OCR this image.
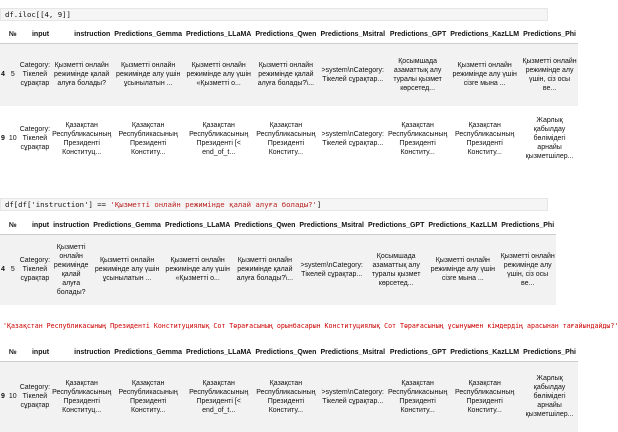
df.iloc[[4, 9]]
	№	input	instruction	Predictions_Gemma	Predictions_LLaMA	Predictions_Qwen	Predictions_Msitral	Predictions_GPT	Predictions_KazLLM	Predictions_Phi
4	5	Category: Тікелей сұрақтар	Қызметті онлайн режимінде қалай алуға болады?	Қызметті онлайн режимінде алу үшін ұсынылатын ...	Қызметті онлайн режимінде алу үшін «Қызметті о...	Қызметті онлайн режимінде қалай алуға болады?\...	>system\nCategory: Тікелей сұрақтар...	Қосымшада азаматтық алу туралы қызмет көрсетед...	Қызметті онлайн режимінде алу үшін сізге мына ...	Қызметті онлайн режимінде алу үшін, сіз осы ве...
9	10	Category: Тікелей сұрақтар	Қазақстан Республикасының Президенті Конституц...	Қазақстан Республикасының Президенті Конститу...	Қазақстан Республикасының Президенті [< end_of_t...	Қазақстан Республикасының Президенті Конститу...	>system\nCategory: Тікелей сұрақтар...	Қазақстан Республикасының Президенті Конститу...	Қазақстан Республикасының Президенті Конститу...	Жарлық қабылдау бөлімідегі арнайы қызметшілер...
df[df['instruction'] == 'Қызметті онлайн режимінде қалай алуға болады?']
	№	input	instruction	Predictions_Gemma	Predictions_LLaMA	Predictions_Qwen	Predictions_Msitral	Predictions_GPT	Predictions_KazLLM	Predictions_Phi
4	5	Category: Тікелей сұрақтар	Қызметті онлайн режимінде қалай алуға болады?	Қызметті онлайн режимінде алу үшін ұсынылатын ...	Қызметті онлайн режимінде алу үшін «Қызметті о...	Қызметті онлайн режимінде қалай алуға болады?\...	>system\nCategory: Тікелей сұрақтар...	Қосымшада азаматтық алу туралы қызмет көрсетед...	Қызметті онлайн режимінде алу үшін сізге мына ...	Қызметті онлайн режимінде алу үшін, сіз осы ве...
'Қазақстан Республикасының Президенті Конституциялық Сот Төрағасының орынбасарын Конституциялық Сот Төрағасының ұсынуымен кімдердің арасынан тағайындайды?'
	№	input	instruction	Predictions_Gemma	Predictions_LLaMA	Predictions_Qwen	Predictions_Msitral	Predictions_GPT	Predictions_KazLLM	Predictions_Phi
9	10	Category: Тікелей сұрақтар	Қазақстан Республикасының Президенті Конституц...	Қазақстан Республикасының Президенті Конститу...	Қазақстан Республикасының Президенті [< end_of_t...	Қазақстан Республикасының Президенті Конститу...	>system\nCategory: Тікелей сұрақтар...	Қазақстан Республикасының Президенті Конститу...	Қазақстан Республикасының Президенті Конститу...	Жарлық қабылдау бөлімідегі арнайы қызметшілер...
